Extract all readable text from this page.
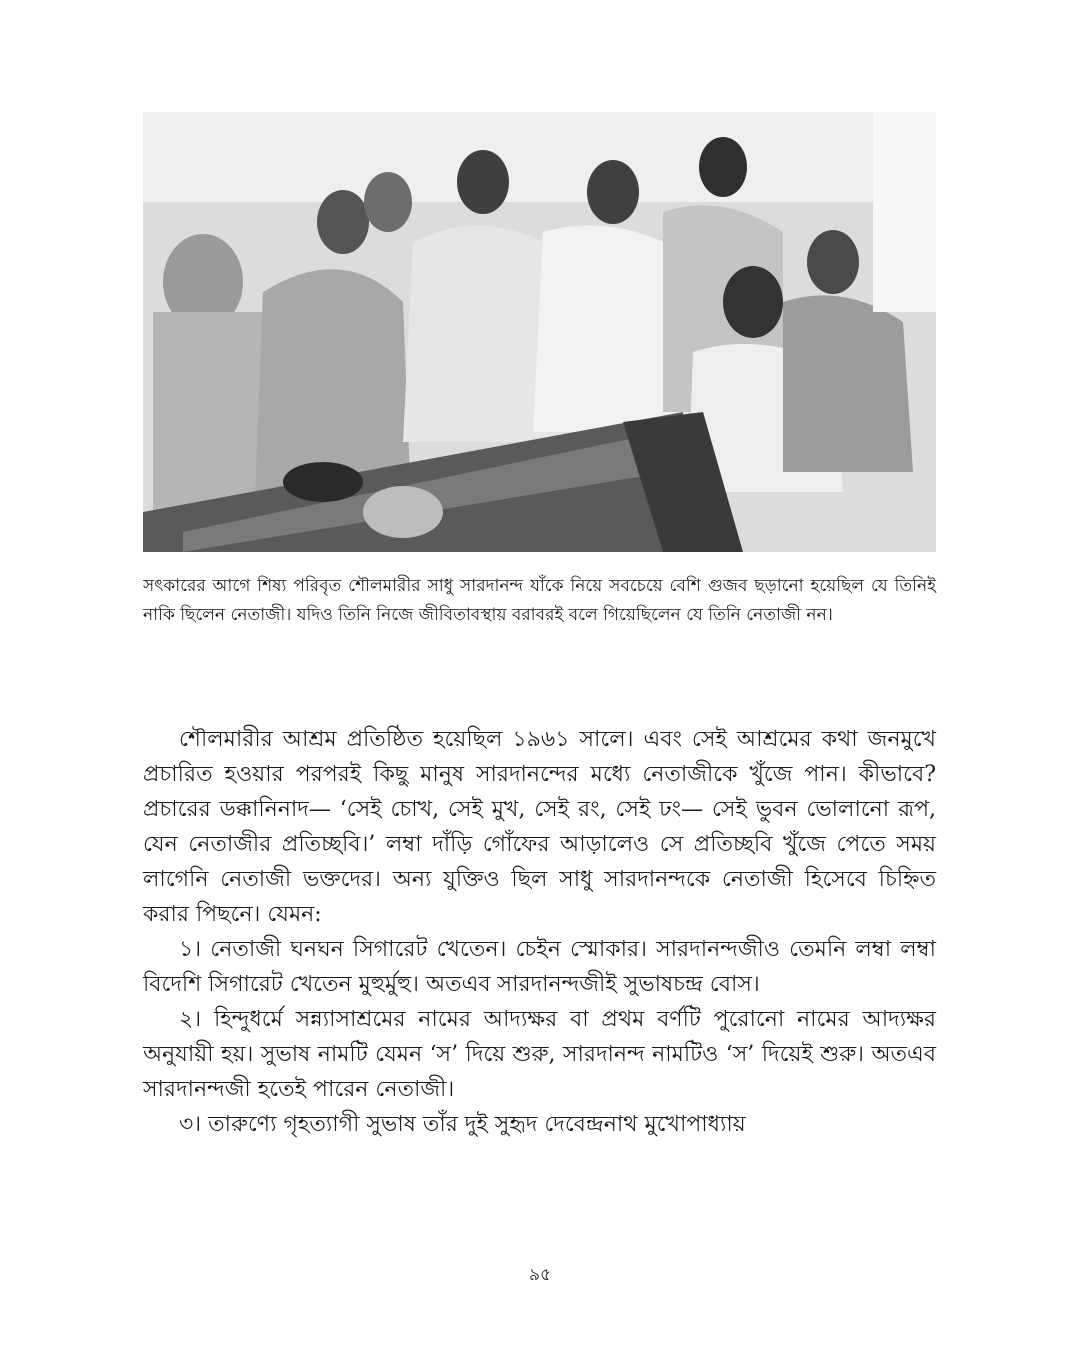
সৎকারের আগে শিষ্য পরিবৃত শৌলমারীর সাধু সারদানন্দ যাঁকে নিয়ে সবচেয়ে বেশি গুজব ছড়ানো হয়েছিল যে তিনিই নাকি ছিলেন নেতাজী। যদিও তিনি নিজে জীবিতাবস্থায় বরাবরই বলে গিয়েছিলেন যে তিনি নেতাজী নন।

শৌলমারীর আশ্রম প্রতিষ্ঠিত হয়েছিল ১৯৬১ সালে। এবং সেই আশ্রমের কথা জনমুখে প্রচারিত হওয়ার পরপরই কিছু মানুষ সারদানন্দের মধ্যে নেতাজীকে খুঁজে পান। কীভাবে? প্রচারের ডক্কানিনাদ— ‘সেই চোখ, সেই মুখ, সেই রং, সেই ঢং— সেই ভুবন ভোলানো রূপ, যেন নেতাজীর প্রতিচ্ছবি।’ লম্বা দাঁড়ি গোঁফের আড়ালেও সে প্রতিচ্ছবি খুঁজে পেতে সময় লাগেনি নেতাজী ভক্তদের। অন্য যুক্তিও ছিল সাধু সারদানন্দকে নেতাজী হিসেবে চিহ্নিত করার পিছনে। যেমন:

১। নেতাজী ঘনঘন সিগারেট খেতেন। চেইন স্মোকার। সারদানন্দজীও তেমনি লম্বা লম্বা বিদেশি সিগারেট খেতেন মুহুর্মুহু। অতএব সারদানন্দজীই সুভাষচন্দ্র বোস।

২। হিন্দুধর্মে সন্ন্যাসাশ্রমের নামের আদ্যক্ষর বা প্রথম বর্ণটি পুরোনো নামের আদ্যক্ষর অনুযায়ী হয়। সুভাষ নামটি যেমন ‘স’ দিয়ে শুরু, সারদানন্দ নামটিও ‘স’ দিয়েই শুরু। অতএব সারদানন্দজী হতেই পারেন নেতাজী।

৩। তারুণ্যে গৃহত্যাগী সুভাষ তাঁর দুই সুহৃদ দেবেন্দ্রনাথ মুখোপাধ্যায়

৯৫
